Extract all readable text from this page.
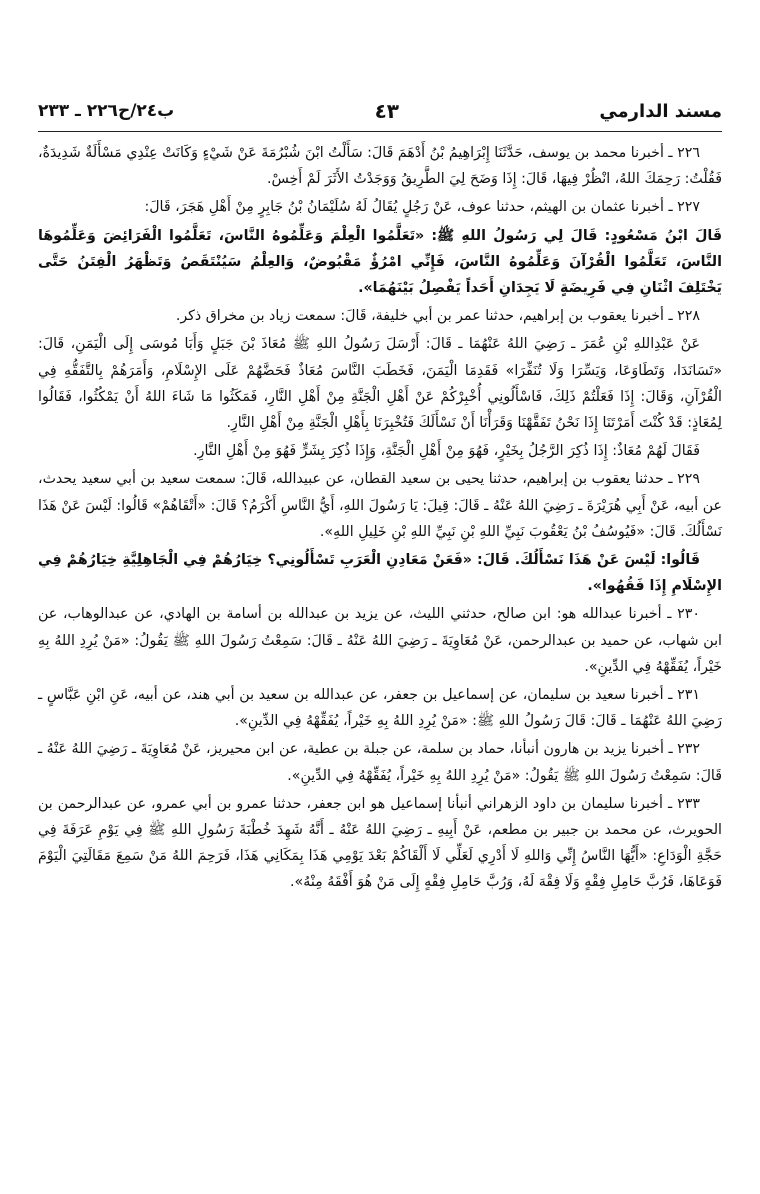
مسند الدارمي
٤٣
ب٢٤/ح٢٢٦ ـ ٢٣٣

٢٢٦ ـ أخبرنا محمد بن يوسف، حَدَّثَنَا إِبْرَاهِيمُ بْنُ أَدْهَمَ قَالَ: سَأَلْتُ ابْنَ شُبْرُمَةَ عَنْ شَيْءٍ وَكَانَتْ عِنْدِي مَسْأَلَةٌ شَدِيدَةٌ، فَقُلْتُ: رَحِمَكَ اللهُ، انْظُرْ فِيهَا، قَالَ: إِذَا وَضَحَ لِيَ الطَّرِيقُ وَوَجَدْتُ الأَثَرَ لَمْ أَخِسْ.

٢٢٧ ـ أخبرنا عثمان بن الهيثم، حدثنا عوف، عَنْ رَجُلٍ يُقَالُ لَهُ سُلَيْمَانُ بْنُ جَابِرٍ مِنْ أَهْلِ هَجَرَ، قَالَ:

قَالَ ابْنُ مَسْعُودٍ: قَالَ لِي رَسُولُ اللهِ ﷺ: «تَعَلَّمُوا الْعِلْمَ وَعَلِّمُوهُ النَّاسَ، تَعَلَّمُوا الْفَرَائِضَ وَعَلِّمُوهَا النَّاسَ، تَعَلَّمُوا الْقُرْآنَ وَعَلِّمُوهُ النَّاسَ، فَإِنِّي امْرُؤٌ مَقْبُوضٌ، وَالعِلْمُ سَيُنْتَقَصُ وَتَظْهَرُ الْفِتَنُ حَتَّى يَخْتَلِفَ اثْنَانِ فِي فَرِيضَةٍ لَا يَجِدَانِ أَحَداً يَفْصِلُ بَيْنَهُمَا».

٢٢٨ ـ أخبرنا يعقوب بن إبراهيم، حدثنا عمر بن أبي خليفة، قَالَ: سمعت زياد بن مخراق ذكر.

عَنْ عَبْدِاللهِ بْنِ عُمَرَ ـ رَضِيَ اللهُ عَنْهُمَا ـ قَالَ: أَرْسَلَ رَسُولُ اللهِ ﷺ مُعَاذَ بْنَ جَبَلٍ وَأَبَا مُوسَى إِلَى الْيَمَنِ، قَالَ: «تَسَانَدَا، وَتَطَاوَعَا، وَيَسِّرَا وَلَا تُنَفِّرَا» فَقَدِمَا الْيَمَنَ، فَخَطَبَ النَّاسَ مُعَاذٌ فَحَضَّهُمْ عَلَى الإِسْلَامِ، وَأَمَرَهُمْ بِالتَّفَقُّهِ فِي الْقُرْآنِ، وَقَالَ: إِذَا فَعَلْتُمْ ذَلِكَ، فَاسْأَلُونِي أُخْبِرْكُمْ عَنْ أَهْلِ الْجَنَّةِ مِنْ أَهْلِ النَّارِ، فَمَكَثُوا مَا شَاءَ اللهُ أَنْ يَمْكُثُوا، فَقَالُوا لِمُعَاذٍ: قَدْ كُنْتَ أَمَرْتَنَا إِذَا نَحْنُ تَفَقَّهْنَا وَقَرَأْنَا أَنْ نَسْأَلَكَ فَتُخْبِرَنَا بِأَهْلِ الْجَنَّةِ مِنْ أَهْلِ النَّارِ.

فَقَالَ لَهُمْ مُعَاذٌ: إِذَا ذُكِرَ الرَّجُلُ بِخَيْرٍ، فَهُوَ مِنْ أَهْلِ الْجَنَّةِ، وَإِذَا ذُكِرَ بِشَرٍّ فَهُوَ مِنْ أَهْلِ النَّارِ.

٢٢٩ ـ حدثنا يعقوب بن إبراهيم، حدثنا يحيى بن سعيد القطان، عن عبيدالله، قَالَ: سمعت سعيد بن أبي سعيد يحدث، عن أبيه، عَنْ أَبِي هُرَيْرَةَ ـ رَضِيَ اللهُ عَنْهُ ـ قَالَ: قِيلَ: يَا رَسُولَ اللهِ، أَيُّ النَّاسِ أَكْرَمُ؟ قَالَ: «أَتْقَاهُمْ» قَالُوا: لَيْسَ عَنْ هَذَا نَسْأَلُكَ. قَالَ: «فَيُوسُفُ بْنُ يَعْقُوبَ نَبِيِّ اللهِ بْنِ نَبِيِّ اللهِ بْنِ خَلِيلِ اللهِ».

قَالُوا: لَيْسَ عَنْ هَذَا نَسْأَلُكَ. قَالَ: «فَعَنْ مَعَادِنِ الْعَرَبِ تَسْأَلُونِي؟ خِيَارُهُمْ فِي الْجَاهِلِيَّةِ خِيَارُهُمْ فِي الإِسْلَامِ إِذَا فَقُهُوا».

٢٣٠ ـ أخبرنا عبدالله هو: ابن صالح، حدثني الليث، عن يزيد بن عبدالله بن أسامة بن الهادي، عن عبدالوهاب، عن ابن شهاب، عن حميد بن عبدالرحمن، عَنْ مُعَاوِيَةَ ـ رَضِيَ اللهُ عَنْهُ ـ قَالَ: سَمِعْتُ رَسُولَ اللهِ ﷺ يَقُولُ: «مَنْ يُرِدِ اللهُ بِهِ خَيْراً، يُفَقِّهْهُ فِي الدِّينِ».

٢٣١ ـ أخبرنا سعيد بن سليمان، عن إسماعيل بن جعفر، عن عبدالله بن سعيد بن أبي هند، عن أبيه، عَنِ ابْنِ عَبَّاسٍ ـ رَضِيَ اللهُ عَنْهُمَا ـ قَالَ: قَالَ رَسُولُ اللهِ ﷺ: «مَنْ يُرِدِ اللهُ بِهِ خَيْراً، يُفَقِّهْهُ فِي الدِّينِ».

٢٣٢ ـ أخبرنا يزيد بن هارون أنبأنا، حماد بن سلمة، عن جبلة بن عطية، عن ابن محيريز، عَنْ مُعَاوِيَةَ ـ رَضِيَ اللهُ عَنْهُ ـ قَالَ: سَمِعْتُ رَسُولَ اللهِ ﷺ يَقُولُ: «مَنْ يُرِدِ اللهُ بِهِ خَيْراً، يُفَقِّهْهُ فِي الدِّينِ».

٢٣٣ ـ أخبرنا سليمان بن داود الزهراني أنبأنا إسماعيل هو ابن جعفر، حدثنا عمرو بن أبي عمرو، عن عبدالرحمن بن الحويرث، عن محمد بن جبير بن مطعم، عَنْ أَبِيهِ ـ رَضِيَ اللهُ عَنْهُ ـ أَنَّهُ شَهِدَ خُطْبَةَ رَسُولِ اللهِ ﷺ فِي يَوْمِ عَرَفَةَ فِي حَجَّةِ الْوَدَاعِ: «أَيُّهَا النَّاسُ إِنِّي وَاللهِ لَا أَدْرِي لَعَلِّي لَا أَلْقَاكُمْ بَعْدَ يَوْمِي هَذَا بِمَكَانِي هَذَا، فَرَحِمَ اللهُ مَنْ سَمِعَ مَقَالَتِيَ الْيَوْمَ فَوَعَاهَا، فَرُبَّ حَامِلِ فِقْهٍ وَلَا فِقْهَ لَهُ، وَرُبَّ حَامِلِ فِقْهٍ إِلَى مَنْ هُوَ أَفْقَهُ مِنْهُ».
